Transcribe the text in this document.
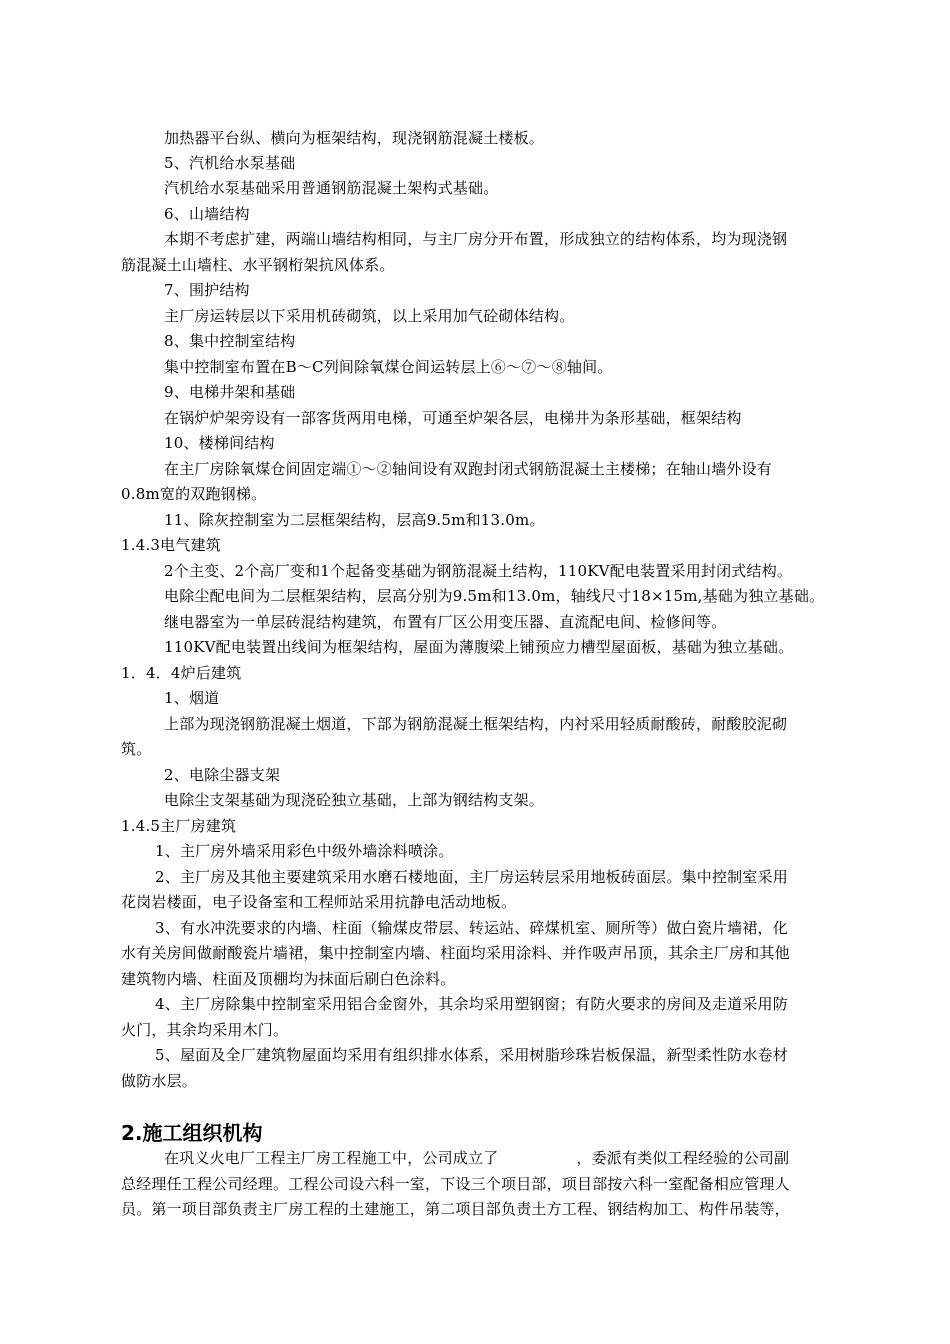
加热器平台纵、横向为框架结构，现浇钢筋混凝土楼板。
5、汽机给水泵基础
汽机给水泵基础采用普通钢筋混凝土架构式基础。
6、山墙结构
本期不考虑扩建，两端山墙结构相同，与主厂房分开布置，形成独立的结构体系，均为现浇钢
筋混凝土山墙柱、水平钢桁架抗风体系。
7、围护结构
主厂房运转层以下采用机砖砌筑，以上采用加气砼砌体结构。
8、集中控制室结构
集中控制室布置在B～C列间除氧煤仓间运转层上⑥～⑦～⑧轴间。
9、电梯井架和基础
在锅炉炉架旁设有一部客货两用电梯，可通至炉架各层，电梯井为条形基础，框架结构
10、楼梯间结构
在主厂房除氧煤仓间固定端①～②轴间设有双跑封闭式钢筋混凝土主楼梯；在轴山墙外设有
0.8m宽的双跑钢梯。
11、除灰控制室为二层框架结构，层高9.5m和13.0m。
1.4.3电气建筑
2个主变、2个高厂变和1个起备变基础为钢筋混凝土结构，110KV配电装置采用封闭式结构。
电除尘配电间为二层框架结构，层高分别为9.5m和13.0m，轴线尺寸18×15m,基础为独立基础。
继电器室为一单层砖混结构建筑，布置有厂区公用变压器、直流配电间、检修间等。
110KV配电装置出线间为框架结构，屋面为薄腹梁上铺预应力槽型屋面板，基础为独立基础。
1．4．4炉后建筑
1、烟道
上部为现浇钢筋混凝土烟道，下部为钢筋混凝土框架结构，内衬采用轻质耐酸砖，耐酸胶泥砌
筑。
2、电除尘器支架
电除尘支架基础为现浇砼独立基础，上部为钢结构支架。
1.4.5主厂房建筑
1、主厂房外墙采用彩色中级外墙涂料喷涂。
2、主厂房及其他主要建筑采用水磨石楼地面，主厂房运转层采用地板砖面层。集中控制室采用
花岗岩楼面，电子设备室和工程师站采用抗静电活动地板。
3、有水冲洗要求的内墙、柱面（输煤皮带层、转运站、碎煤机室、厕所等）做白瓷片墙裙，化
水有关房间做耐酸瓷片墙裙，集中控制室内墙、柱面均采用涂料、并作吸声吊顶，其余主厂房和其他
建筑物内墙、柱面及顶棚均为抹面后刷白色涂料。
4、主厂房除集中控制室采用铝合金窗外，其余均采用塑钢窗；有防火要求的房间及走道采用防
火门，其余均采用木门。
5、屋面及全厂建筑物屋面均采用有组织排水体系，采用树脂珍珠岩板保温，新型柔性防水卷材
做防水层。
2.施工组织机构
在巩义火电厂工程主厂房工程施工中，公司成立了	，委派有类似工程经验的公司副
总经理任工程公司经理。工程公司设六科一室，下设三个项目部，项目部按六科一室配备相应管理人
员。第一项目部负责主厂房工程的土建施工，第二项目部负责土方工程、钢结构加工、构件吊装等，
